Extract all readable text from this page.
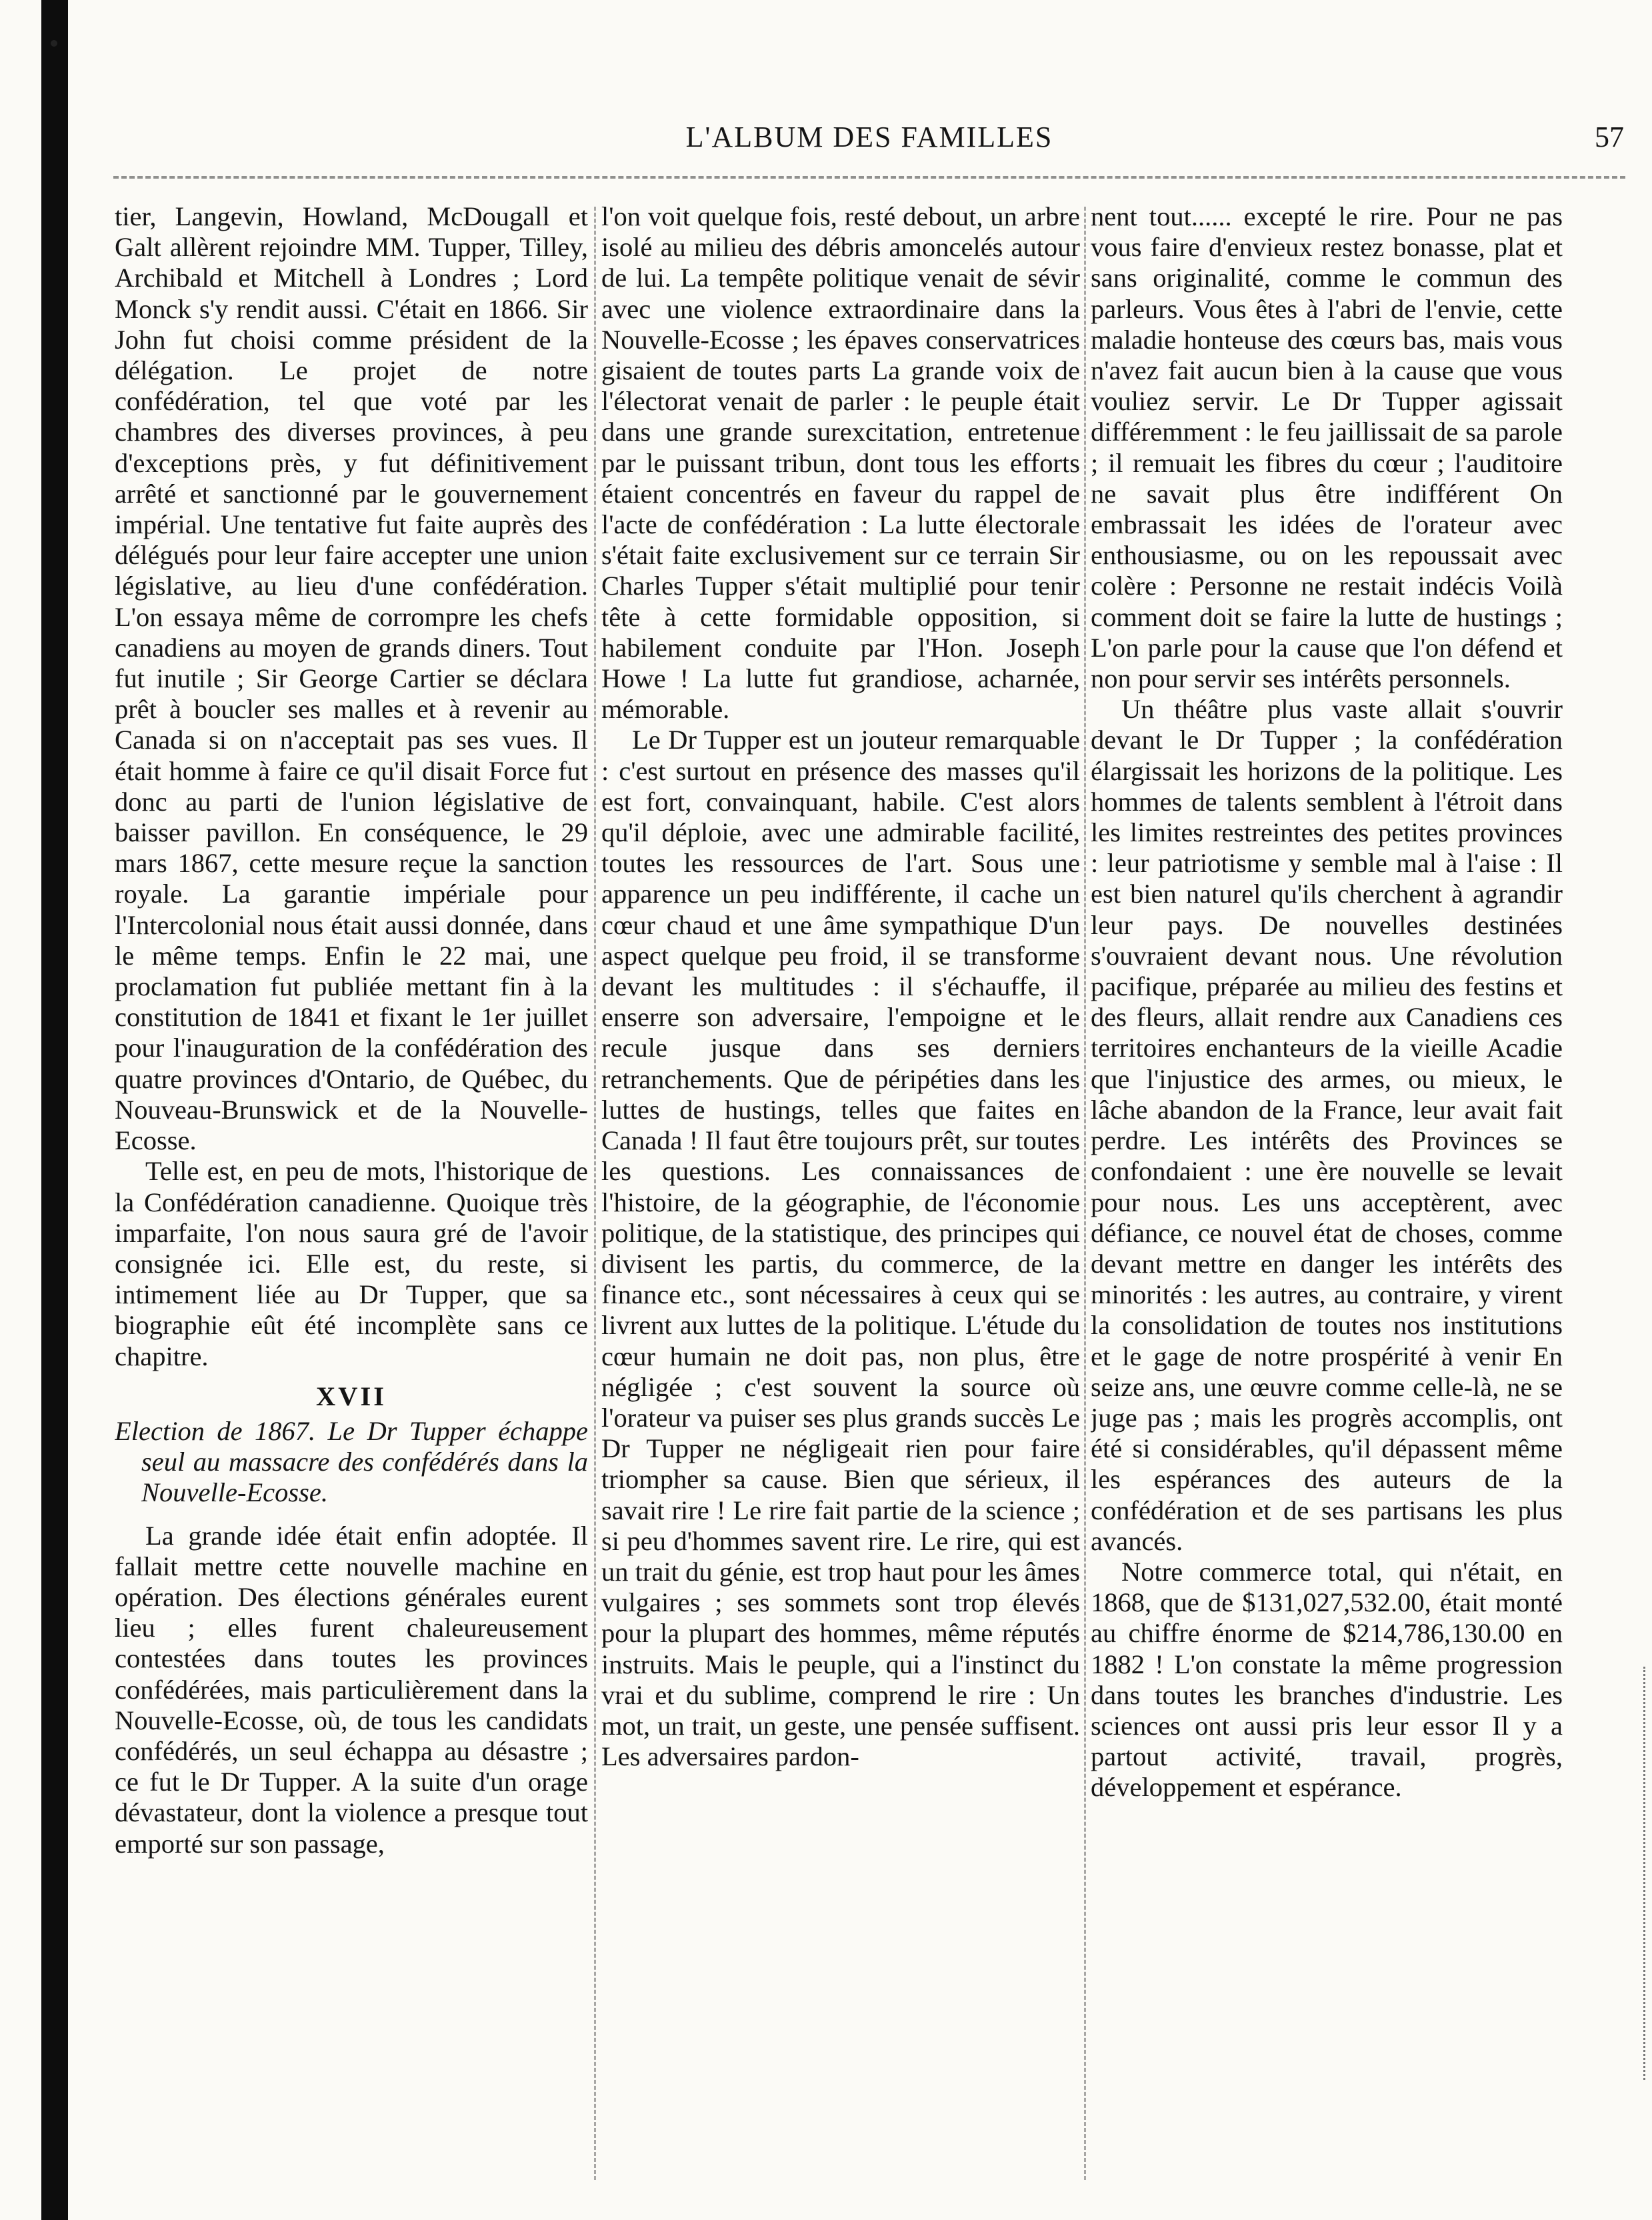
L'ALBUM DES FAMILLES	57

tier, Langevin, Howland, McDougall et Galt allèrent rejoindre MM. Tupper, Tilley, Archibald et Mitchell à Londres ; Lord Monck s'y rendit aussi. C'était en 1866. Sir John fut choisi comme président de la délégation. Le projet de notre confédération, tel que voté par les chambres des diverses provinces, à peu d'exceptions près, y fut définitivement arrêté et sanctionné par le gouvernement impérial. Une tentative fut faite auprès des délégués pour leur faire accepter une union législative, au lieu d'une confédération. L'on essaya même de corrompre les chefs canadiens au moyen de grands diners. Tout fut inutile ; Sir George Cartier se déclara prêt à boucler ses malles et à revenir au Canada si on n'acceptait pas ses vues. Il était homme à faire ce qu'il disait Force fut donc au parti de l'union législative de baisser pavillon. En conséquence, le 29 mars 1867, cette mesure reçue la sanction royale. La garantie impériale pour l'Intercolonial nous était aussi donnée, dans le même temps. Enfin le 22 mai, une proclamation fut publiée mettant fin à la constitution de 1841 et fixant le 1er juillet pour l'inauguration de la confédération des quatre provinces d'Ontario, de Québec, du Nouveau-Brunswick et de la Nouvelle-Ecosse.

Telle est, en peu de mots, l'historique de la Confédération canadienne. Quoique très imparfaite, l'on nous saura gré de l'avoir consignée ici. Elle est, du reste, si intimement liée au Dr Tupper, que sa biographie eût été incomplète sans ce chapitre.

XVII
Election de 1867. Le Dr Tupper échappe seul au massacre des confédérés dans la Nouvelle-Ecosse.

La grande idée était enfin adoptée. Il fallait mettre cette nouvelle machine en opération. Des élections générales eurent lieu ; elles furent chaleureusement contestées dans toutes les provinces confédérées, mais particulièrement dans la Nouvelle-Ecosse, où, de tous les candidats confédérés, un seul échappa au désastre ; ce fut le Dr Tupper. A la suite d'un orage dévastateur, dont la violence a presque tout emporté sur son passage,

l'on voit quelque fois, resté debout, un arbre isolé au milieu des débris amoncelés autour de lui. La tempête politique venait de sévir avec une violence extraordinaire dans la Nouvelle-Ecosse ; les épaves conservatrices gisaient de toutes parts La grande voix de l'électorat venait de parler : le peuple était dans une grande surexcitation, entretenue par le puissant tribun, dont tous les efforts étaient concentrés en faveur du rappel de l'acte de confédération : La lutte électorale s'était faite exclusivement sur ce terrain Sir Charles Tupper s'était multiplié pour tenir tête à cette formidable opposition, si habilement conduite par l'Hon. Joseph Howe ! La lutte fut grandiose, acharnée, mémorable.

Le Dr Tupper est un jouteur remarquable : c'est surtout en présence des masses qu'il est fort, convainquant, habile. C'est alors qu'il déploie, avec une admirable facilité, toutes les ressources de l'art. Sous une apparence un peu indifférente, il cache un cœur chaud et une âme sympathique D'un aspect quelque peu froid, il se transforme devant les multitudes : il s'échauffe, il enserre son adversaire, l'empoigne et le recule jusque dans ses derniers retranchements. Que de péripéties dans les luttes de hustings, telles que faites en Canada ! Il faut être toujours prêt, sur toutes les questions. Les connaissances de l'histoire, de la géographie, de l'économie politique, de la statistique, des principes qui divisent les partis, du commerce, de la finance etc., sont nécessaires à ceux qui se livrent aux luttes de la politique. L'étude du cœur humain ne doit pas, non plus, être négligée ; c'est souvent la source où l'orateur va puiser ses plus grands succès Le Dr Tupper ne négligeait rien pour faire triompher sa cause. Bien que sérieux, il savait rire ! Le rire fait partie de la science ; si peu d'hommes savent rire. Le rire, qui est un trait du génie, est trop haut pour les âmes vulgaires ; ses sommets sont trop élevés pour la plupart des hommes, même réputés instruits. Mais le peuple, qui a l'instinct du vrai et du sublime, comprend le rire : Un mot, un trait, un geste, une pensée suffisent. Les adversaires pardon-

nent tout...... excepté le rire. Pour ne pas vous faire d'envieux restez bonasse, plat et sans originalité, comme le commun des parleurs. Vous êtes à l'abri de l'envie, cette maladie honteuse des cœurs bas, mais vous n'avez fait aucun bien à la cause que vous vouliez servir. Le Dr Tupper agissait différemment : le feu jaillissait de sa parole ; il remuait les fibres du cœur ; l'auditoire ne savait plus être indifférent On embrassait les idées de l'orateur avec enthousiasme, ou on les repoussait avec colère : Personne ne restait indécis Voilà comment doit se faire la lutte de hustings ; L'on parle pour la cause que l'on défend et non pour servir ses intérêts personnels.

Un théâtre plus vaste allait s'ouvrir devant le Dr Tupper ; la confédération élargissait les horizons de la politique. Les hommes de talents semblent à l'étroit dans les limites restreintes des petites provinces : leur patriotisme y semble mal à l'aise : Il est bien naturel qu'ils cherchent à agrandir leur pays. De nouvelles destinées s'ouvraient devant nous. Une révolution pacifique, préparée au milieu des festins et des fleurs, allait rendre aux Canadiens ces territoires enchanteurs de la vieille Acadie que l'injustice des armes, ou mieux, le lâche abandon de la France, leur avait fait perdre. Les intérêts des Provinces se confondaient : une ère nouvelle se levait pour nous. Les uns acceptèrent, avec défiance, ce nouvel état de choses, comme devant mettre en danger les intérêts des minorités : les autres, au contraire, y virent la consolidation de toutes nos institutions et le gage de notre prospérité à venir En seize ans, une œuvre comme celle-là, ne se juge pas ; mais les progrès accomplis, ont été si considérables, qu'il dépassent même les espérances des auteurs de la confédération et de ses partisans les plus avancés.

Notre commerce total, qui n'était, en 1868, que de $131,027,532.00, était monté au chiffre énorme de $214,786,130.00 en 1882 ! L'on constate la même progression dans toutes les branches d'industrie. Les sciences ont aussi pris leur essor Il y a partout activité, travail, progrès, développement et espérance.
